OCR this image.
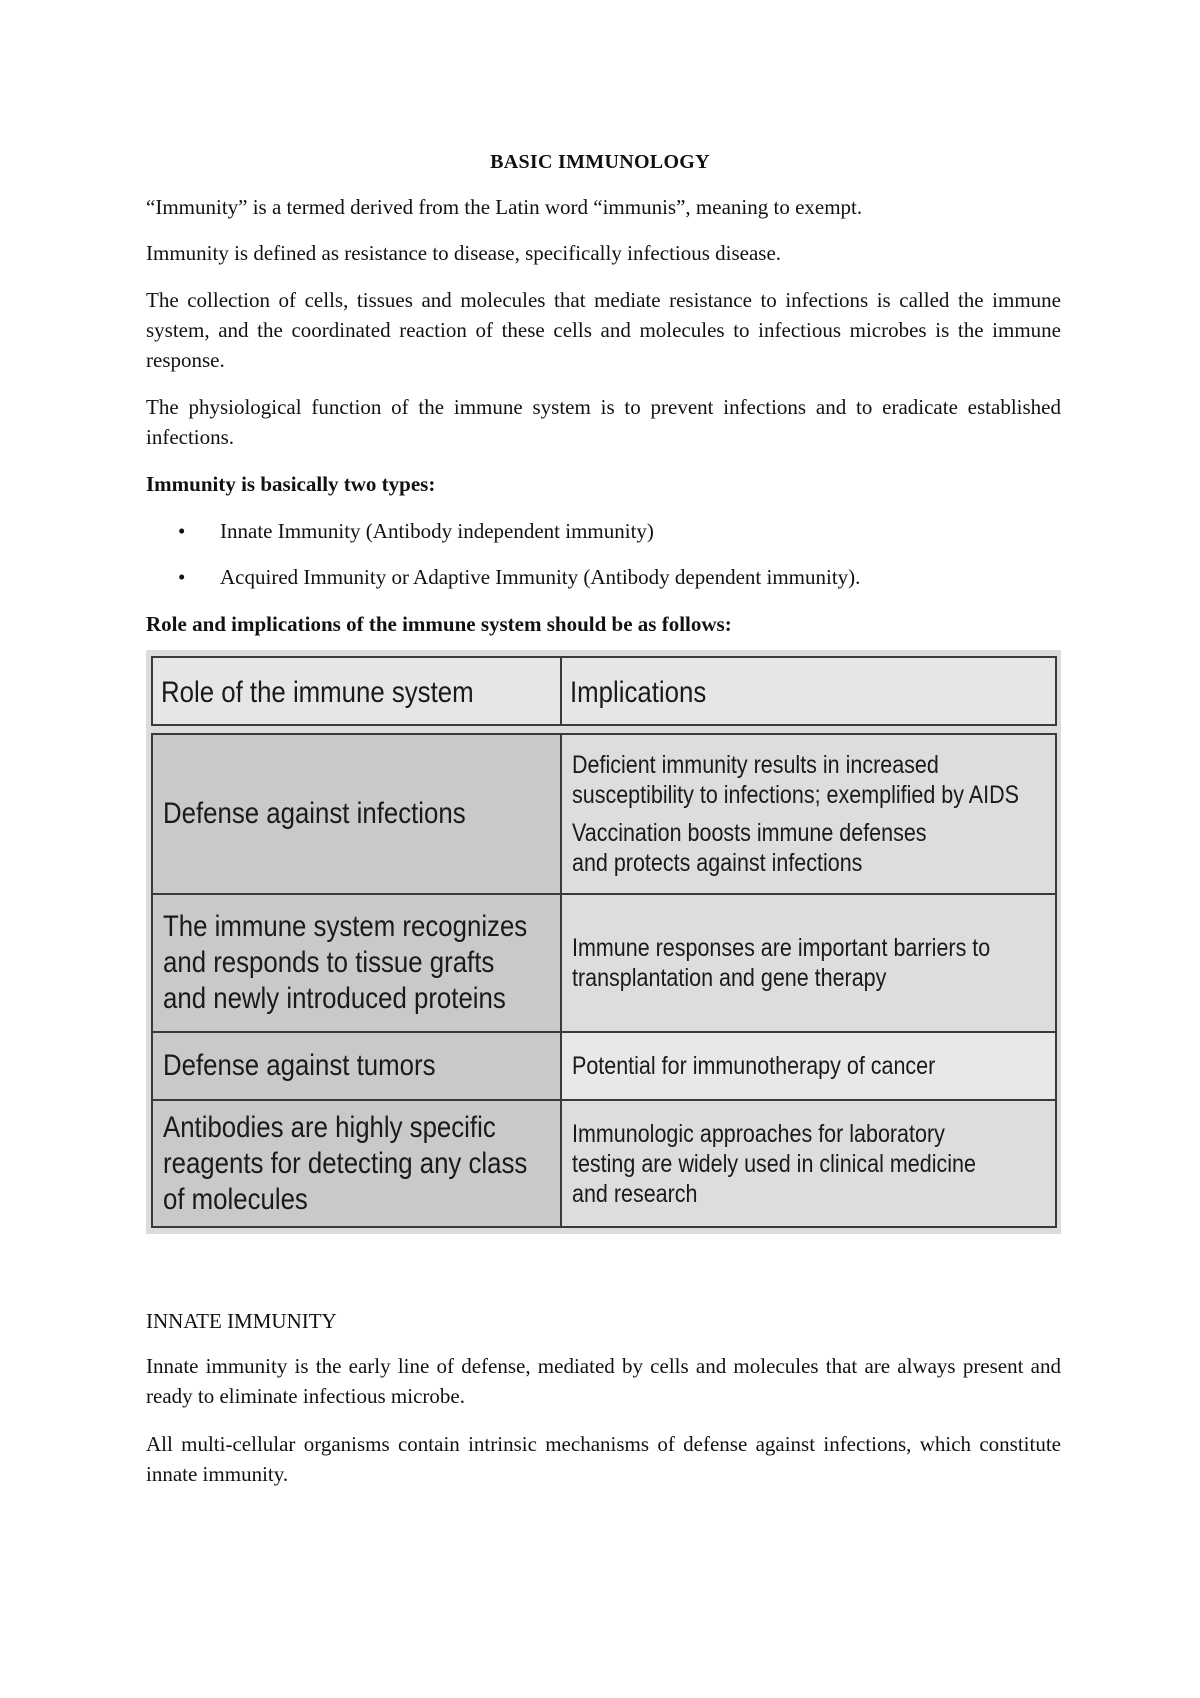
BASIC IMMUNOLOGY

“Immunity” is a termed derived from the Latin word “immunis”, meaning to exempt.

Immunity is defined as resistance to disease, specifically infectious disease.

The collection of cells, tissues and molecules that mediate resistance to infections is called the immune system, and the coordinated reaction of these cells and molecules to infectious microbes is the immune response.

The physiological function of the immune system is to prevent infections and to eradicate established infections.

Immunity is basically two types:
• Innate Immunity (Antibody independent immunity)
• Acquired Immunity or Adaptive Immunity (Antibody dependent immunity).
Role and implications of the immune system should be as follows:
Role of the immune system	Implications
Defense against infections
Deficient immunity results in increased
susceptibility to infections; exemplified by AIDS
Vaccination boosts immune defenses
and protects against infections
The immune system recognizes
and responds to tissue grafts
and newly introduced proteins
Immune responses are important barriers to
transplantation and gene therapy
Defense against tumors	Potential for immunotherapy of cancer
Antibodies are highly specific
reagents for detecting any class
of molecules
Immunologic approaches for laboratory
testing are widely used in clinical medicine
and research
INNATE IMMUNITY

Innate immunity is the early line of defense, mediated by cells and molecules that are always present and ready to eliminate infectious microbe.

All multi-cellular organisms contain intrinsic mechanisms of defense against infections, which constitute innate immunity.
